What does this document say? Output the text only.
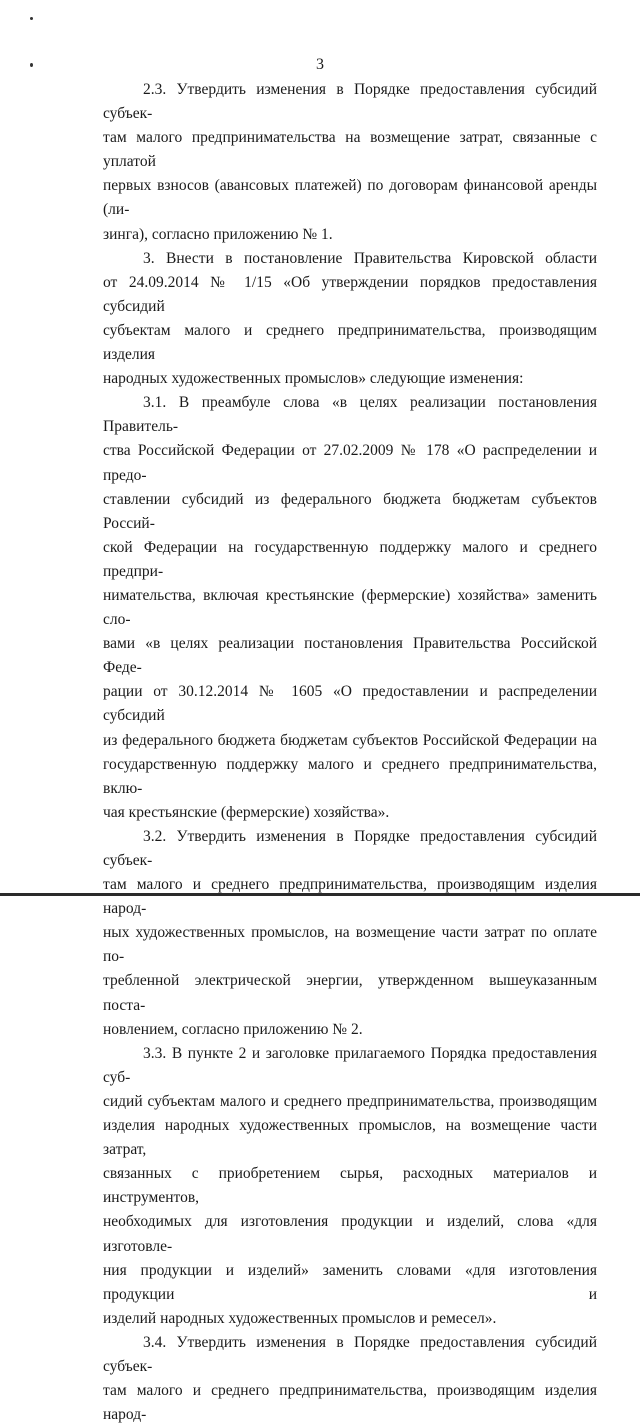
3
2.3. Утвердить изменения в Порядке предоставления субсидий субъек-
там малого предпринимательства на возмещение затрат, связанные с уплатой
первых взносов (авансовых платежей) по договорам финансовой аренды (ли-
зинга), согласно приложению № 1.
3. Внести в постановление Правительства Кировской области
от 24.09.2014 № 1/15 «Об утверждении порядков предоставления субсидий
субъектам малого и среднего предпринимательства, производящим изделия
народных художественных промыслов» следующие изменения:
3.1. В преамбуле слова «в целях реализации постановления Правитель-
ства Российской Федерации от 27.02.2009 № 178 «О распределении и предо-
ставлении субсидий из федерального бюджета бюджетам субъектов Россий-
ской Федерации на государственную поддержку малого и среднего предпри-
нимательства, включая крестьянские (фермерские) хозяйства» заменить сло-
вами «в целях реализации постановления Правительства Российской Феде-
рации от 30.12.2014 № 1605 «О предоставлении и распределении субсидий
из федерального бюджета бюджетам субъектов Российской Федерации на
государственную поддержку малого и среднего предпринимательства, вклю-
чая крестьянские (фермерские) хозяйства».
3.2. Утвердить изменения в Порядке предоставления субсидий субъек-
там малого и среднего предпринимательства, производящим изделия народ-
ных художественных промыслов, на возмещение части затрат по оплате по-
требленной электрической энергии, утвержденном вышеуказанным поста-
новлением, согласно приложению № 2.
3.3. В пункте 2 и заголовке прилагаемого Порядка предоставления суб-
сидий субъектам малого и среднего предпринимательства, производящим
изделия народных художественных промыслов, на возмещение части затрат,
связанных с приобретением сырья, расходных материалов и инструментов,
необходимых для изготовления продукции и изделий, слова «для изготовле-
ния продукции и изделий» заменить словами «для изготовления продукции и
изделий народных художественных промыслов и ремесел».
3.4. Утвердить изменения в Порядке предоставления субсидий субъек-
там малого и среднего предпринимательства, производящим изделия народ-
